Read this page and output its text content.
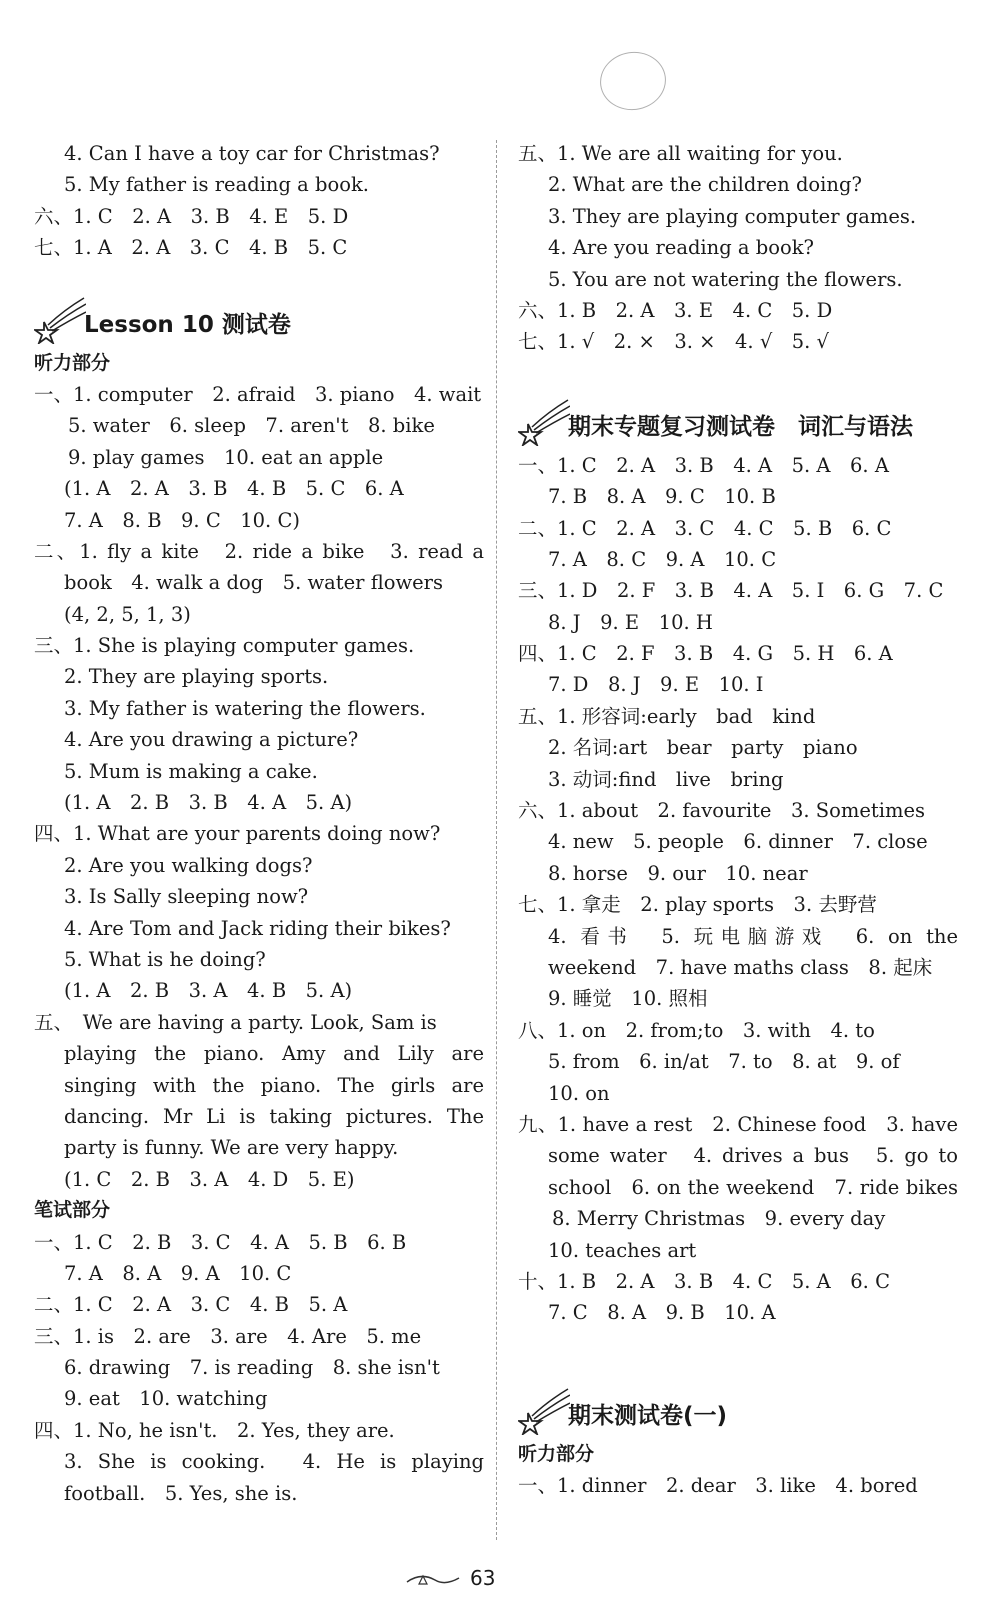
4. Can I have a toy car for Christmas?
5. My father is reading a book.
六、1. C　2. A　3. B　4. E　5. D
七、1. A　2. A　3. C　4. B　5. C
Lesson 10 测试卷
听力部分
一、1. computer　2. afraid　3. piano　4. wait
5. water　6. sleep　7. aren't　8. bike
9. play games　10. eat an apple
(1. A　2. A　3. B　4. B　5. C　6. A
7. A　8. B　9. C　10. C)
二、1. fly a kite　2. ride a bike　3. read a
book　4. walk a dog　5. water flowers
(4, 2, 5, 1, 3)
三、1. She is playing computer games.
2. They are playing sports.
3. My father is watering the flowers.
4. Are you drawing a picture?
5. Mum is making a cake.
(1. A　2. B　3. B　4. A　5. A)
四、1. What are your parents doing now?
2. Are you walking dogs?
3. Is Sally sleeping now?
4. Are Tom and Jack riding their bikes?
5. What is he doing?
(1. A　2. B　3. A　4. B　5. A)
五、　We are having a party. Look, Sam is
playing the piano. Amy and Lily are
singing with the piano. The girls are
dancing. Mr Li is taking pictures. The
party is funny. We are very happy.
(1. C　2. B　3. A　4. D　5. E)
笔试部分
一、1. C　2. B　3. C　4. A　5. B　6. B
7. A　8. A　9. A　10. C
二、1. C　2. A　3. C　4. B　5. A
三、1. is　2. are　3. are　4. Are　5. me
6. drawing　7. is reading　8. she isn't
9. eat　10. watching
四、1. No, he isn't.　2. Yes, they are.
3. She is cooking.　4. He is playing
football.　5. Yes, she is.
五、1. We are all waiting for you.
2. What are the children doing?
3. They are playing computer games.
4. Are you reading a book?
5. You are not watering the flowers.
六、1. B　2. A　3. E　4. C　5. D
七、1. √　2. ×　3. ×　4. √　5. √
期末专题复习测试卷　词汇与语法
一、1. C　2. A　3. B　4. A　5. A　6. A
7. B　8. A　9. C　10. B
二、1. C　2. A　3. C　4. C　5. B　6. C
7. A　8. C　9. A　10. C
三、1. D　2. F　3. B　4. A　5. I　6. G　7. C
8. J　9. E　10. H
四、1. C　2. F　3. B　4. G　5. H　6. A
7. D　8. J　9. E　10. I
五、1. 形容词:early　bad　kind
2. 名词:art　bear　party　piano
3. 动词:find　live　bring
六、1. about　2. favourite　3. Sometimes
4. new　5. people　6. dinner　7. close
8. horse　9. our　10. near
七、1. 拿走　2. play sports　3. 去野营
4. 看书　5. 玩电脑游戏　6. on the
weekend　7. have maths class　8. 起床
9. 睡觉　10. 照相
八、1. on　2. from;to　3. with　4. to
5. from　6. in/at　7. to　8. at　9. of
10. on
九、1. have a rest　2. Chinese food　3. have
some water　4. drives a bus　5. go to
school　6. on the weekend　7. ride bikes
8. Merry Christmas　9. every day
10. teaches art
十、1. B　2. A　3. B　4. C　5. A　6. C
7. C　8. A　9. B　10. A
期末测试卷(一)
听力部分
一、1. dinner　2. dear　3. like　4. bored
63
